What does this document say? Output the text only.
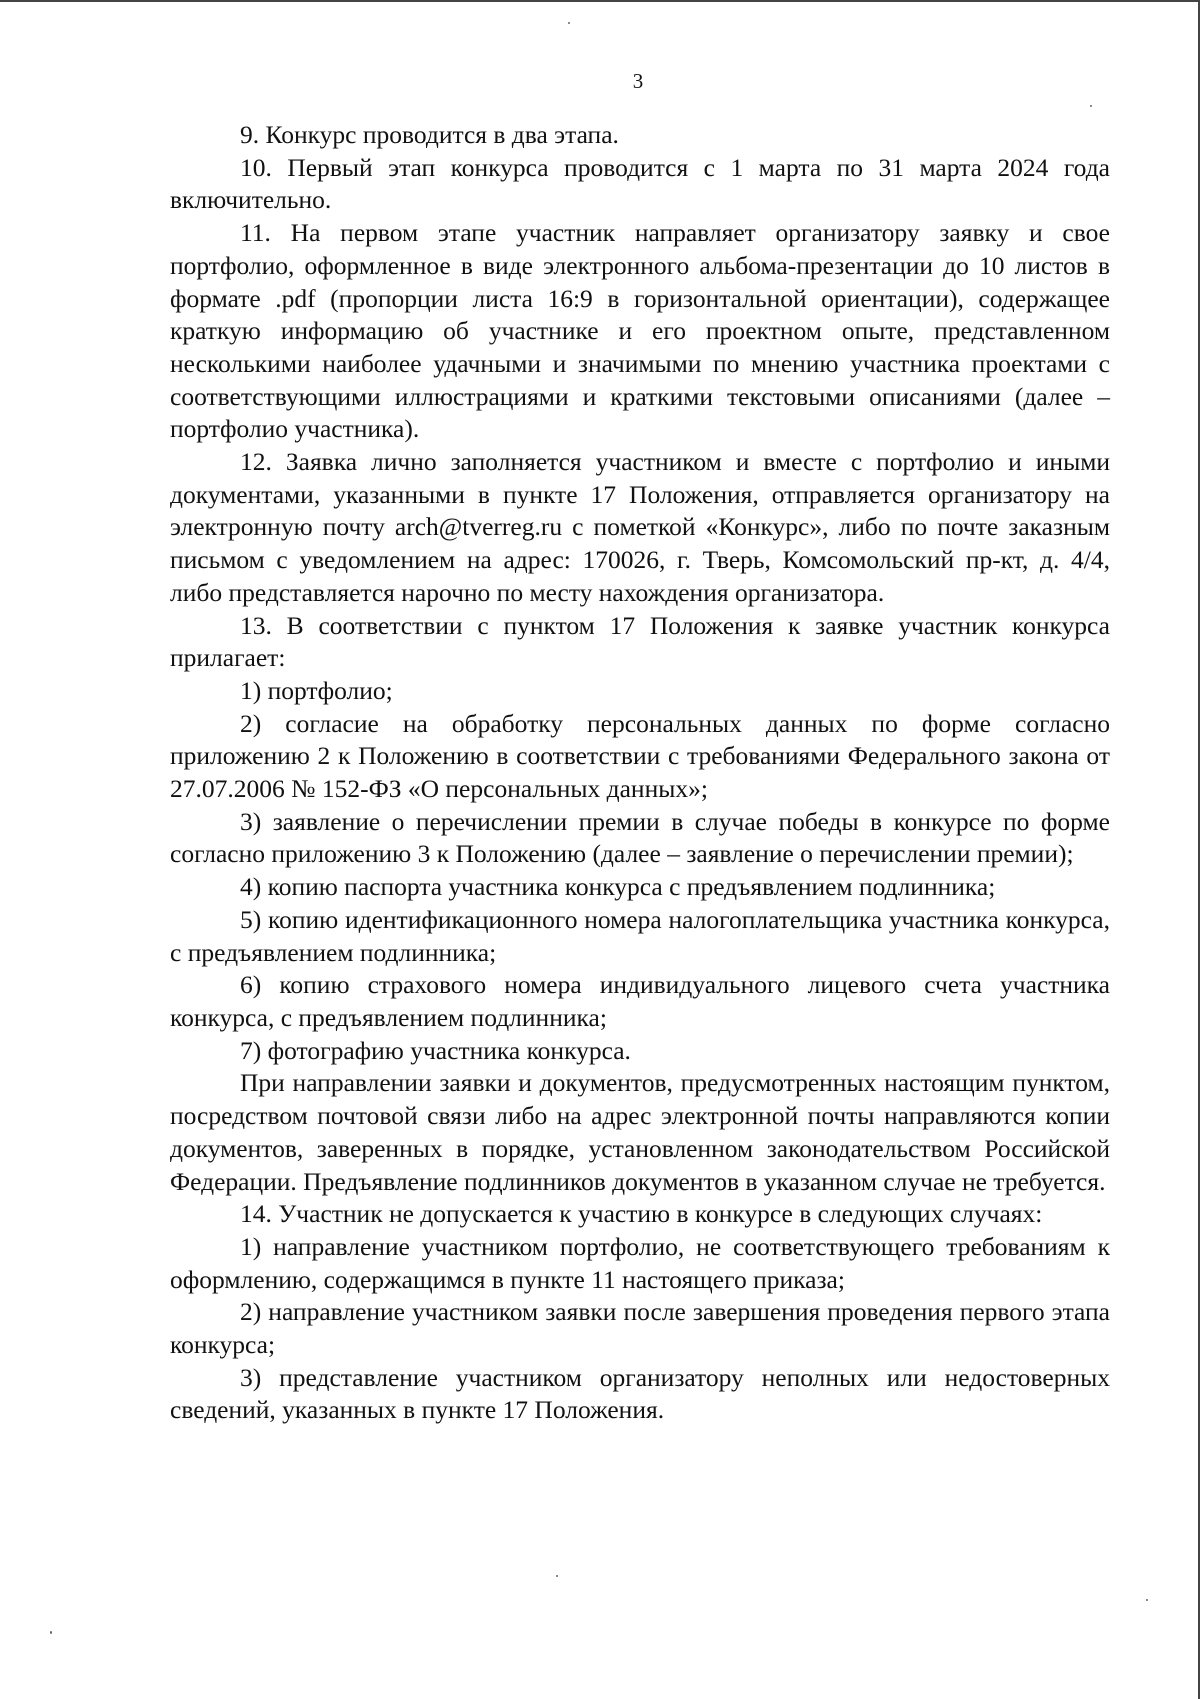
3

9. Конкурс проводится в два этапа.

10. Первый этап конкурса проводится с 1 марта по 31 марта 2024 года включительно.

11. На первом этапе участник направляет организатору заявку и свое портфолио, оформленное в виде электронного альбома-презентации до 10 листов в формате .pdf (пропорции листа 16:9 в горизонтальной ориентации), содержащее краткую информацию об участнике и его проектном опыте, представленном несколькими наиболее удачными и значимыми по мнению участника проектами с соответствующими иллюстрациями и краткими текстовыми описаниями (далее – портфолио участника).

12. Заявка лично заполняется участником и вместе с портфолио и иными документами, указанными в пункте 17 Положения, отправляется организатору на электронную почту arch@tverreg.ru с пометкой «Конкурс», либо по почте заказным письмом с уведомлением на адрес: 170026, г. Тверь, Комсомольский пр-кт, д. 4/4, либо представляется нарочно по месту нахождения организатора.

13. В соответствии с пунктом 17 Положения к заявке участник конкурса прилагает:

1) портфолио;

2) согласие на обработку персональных данных по форме согласно приложению 2 к Положению в соответствии с требованиями Федерального закона от 27.07.2006 № 152-ФЗ «О персональных данных»;

3) заявление о перечислении премии в случае победы в конкурсе по форме согласно приложению 3 к Положению (далее – заявление о перечислении премии);

4) копию паспорта участника конкурса с предъявлением подлинника;

5) копию идентификационного номера налогоплательщика участника конкурса, с предъявлением подлинника;

6) копию страхового номера индивидуального лицевого счета участника конкурса, с предъявлением подлинника;

7) фотографию участника конкурса.

При направлении заявки и документов, предусмотренных настоящим пунктом, посредством почтовой связи либо на адрес электронной почты направляются копии документов, заверенных в порядке, установленном законодательством Российской Федерации. Предъявление подлинников документов в указанном случае не требуется.

14. Участник не допускается к участию в конкурсе в следующих случаях:

1) направление участником портфолио, не соответствующего требованиям к оформлению, содержащимся в пункте 11 настоящего приказа;

2) направление участником заявки после завершения проведения первого этапа конкурса;

3) представление участником организатору неполных или недостоверных сведений, указанных в пункте 17 Положения.
